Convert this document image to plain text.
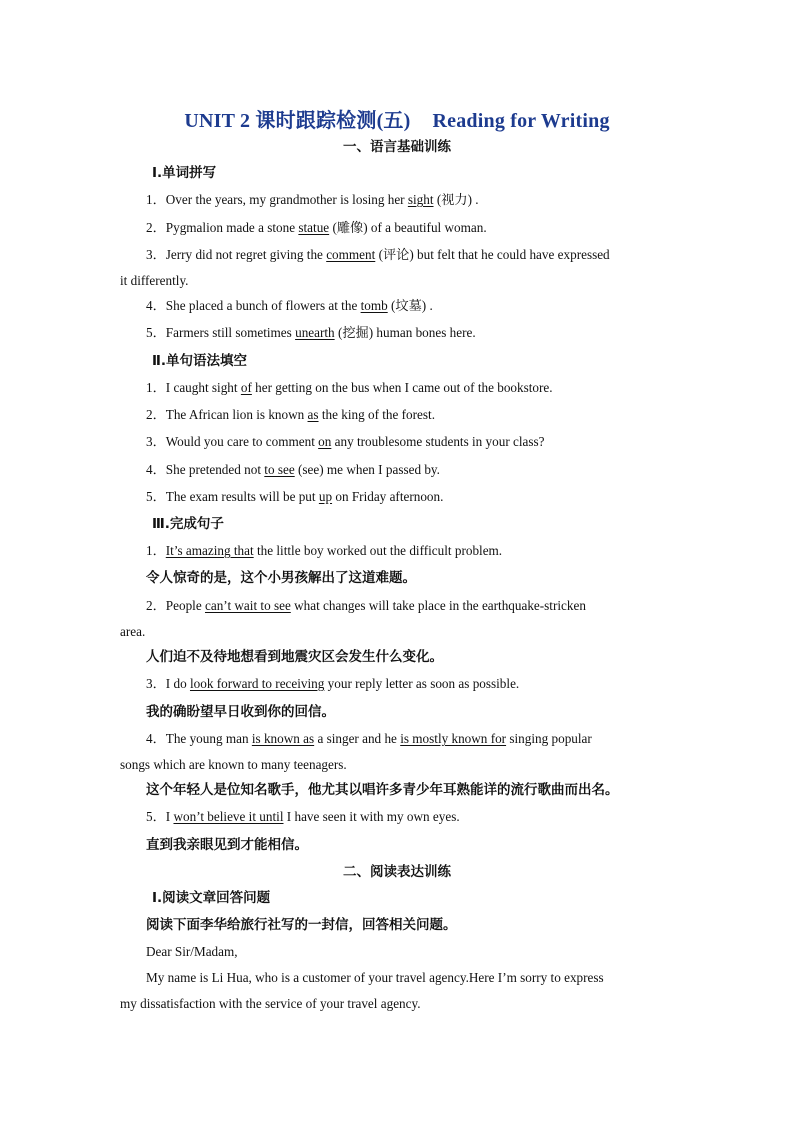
UNIT 2 课时跟踪检测(五) Reading for Writing
一、语言基础训练
Ⅰ.单词拼写
1．Over the years, my grandmother is losing her sight (视力) .
2．Pygmalion made a stone statue (雕像) of a beautiful woman.
3．Jerry did not regret giving the comment (评论) but felt that he could have expressed
it differently.
4．She placed a bunch of flowers at the tomb (坟墓) .
5．Farmers still sometimes unearth (挖掘) human bones here.
Ⅱ.单句语法填空
1．I caught sight of her getting on the bus when I came out of the bookstore.
2．The African lion is known as the king of the forest.
3．Would you care to comment on any troublesome students in your class?
4．She pretended not to see (see) me when I passed by.
5．The exam results will be put up on Friday afternoon.
Ⅲ.完成句子
1．It’s amazing that the little boy worked out the difficult problem.
令人惊奇的是，这个小男孩解出了这道难题。
2．People can’t wait to see what changes will take place in the earthquake-stricken
area.
人们迫不及待地想看到地震灾区会发生什么变化。
3．I do look forward to receiving your reply letter as soon as possible.
我的确盼望早日收到你的回信。
4．The young man is known as a singer and he is mostly known for singing popular
songs which are known to many teenagers.
这个年轻人是位知名歌手，他尤其以唱许多青少年耳熟能详的流行歌曲而出名。
5．I won’t believe it until I have seen it with my own eyes.
直到我亲眼见到才能相信。
二、阅读表达训练
Ⅰ.阅读文章回答问题
阅读下面李华给旅行社写的一封信，回答相关问题。
Dear Sir/Madam,
My name is Li Hua, who is a customer of your travel agency.Here I’m sorry to express
my dissatisfaction with the service of your travel agency.
